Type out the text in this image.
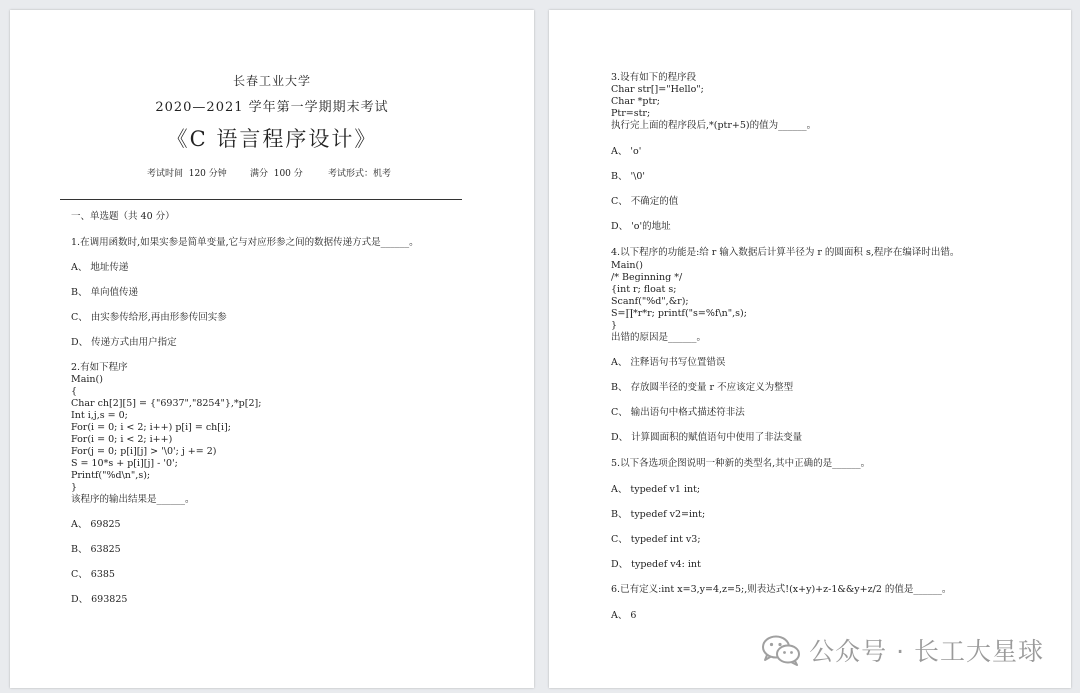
长春工业大学
2020—2021 学年第一学期期末考试
《C 语言程序设计》
考试时间  120 分钟	满分  100 分	考试形式：机考
一、单选题（共 40 分）
1.在调用函数时,如果实参是简单变量,它与对应形参之间的数据传递方式是______。
A、 地址传递
B、 单向值传递
C、 由实参传给形,再由形参传回实参
D、 传递方式由用户指定
2.有如下程序
Main()
{
Char ch[2][5] = {"6937","8254"},*p[2];
Int i,j,s = 0;
For(i = 0; i < 2; i++) p[i] = ch[i];
For(i = 0; i < 2; i++)
For(j = 0; p[i][j] > '\0'; j += 2)
S = 10*s + p[i][j] - '0';
Printf("%d\n",s);
}
该程序的输出结果是______。
A、 69825
B、 63825
C、 6385
D、 693825
3.设有如下的程序段
Char str[]="Hello";
Char *ptr;
Ptr=str;
执行完上面的程序段后,*(ptr+5)的值为______。
A、 'o'
B、 '\0'
C、 不确定的值
D、 'o'的地址
4.以下程序的功能是:给 r 输入数据后计算半径为 r 的圆面积 s,程序在编译时出错。
Main()
/* Beginning */
{int r; float s;
Scanf("%d",&r);
S=∏*r*r; printf("s=%f\n",s);
}
出错的原因是______。
A、 注释语句书写位置错误
B、 存放圆半径的变量 r 不应该定义为整型
C、 输出语句中格式描述符非法
D、 计算圆面积的赋值语句中使用了非法变量
5.以下各选项企图说明一种新的类型名,其中正确的是______。
A、 typedef v1 int;
B、 typedef v2=int;
C、 typedef int v3;
D、 typedef v4: int
6.已有定义:int x=3,y=4,z=5;,则表达式!(x+y)+z-1&&y+z/2 的值是______。
A、 6
公众号 · 长工大星球
